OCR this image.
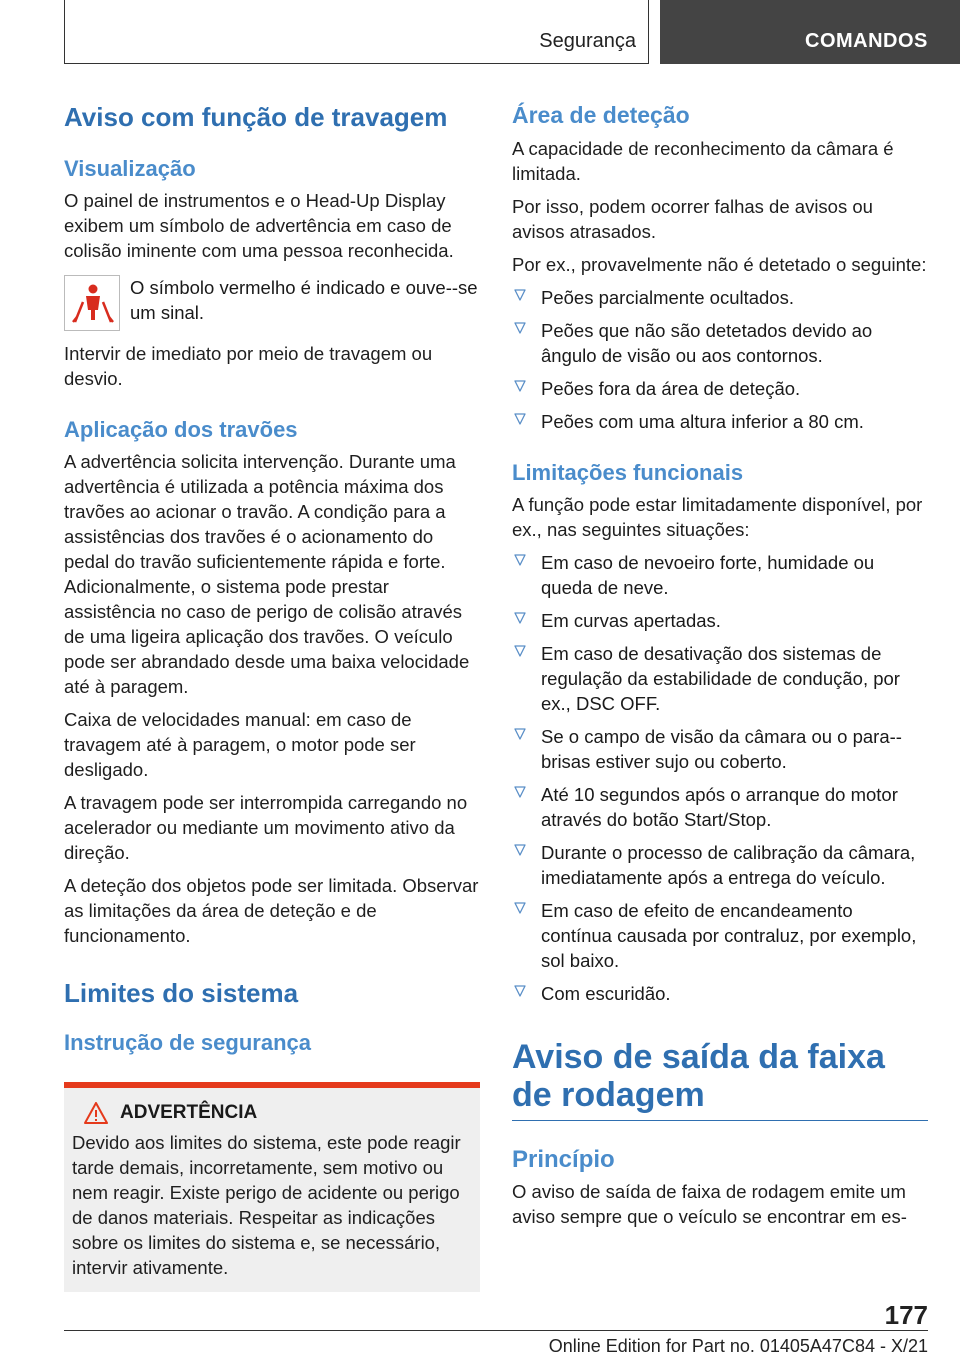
Segurança	COMANDOS
Aviso com função de travagem
Visualização

O painel de instrumentos e o Head-Up Display exibem um símbolo de advertência em caso de colisão iminente com uma pessoa reconhecida.

O símbolo vermelho é indicado e ouve--se um sinal.

Intervir de imediato por meio de travagem ou desvio.

Aplicação dos travões

A advertência solicita intervenção. Durante uma advertência é utilizada a potência máxima dos travões ao acionar o travão. A condição para a assistências dos travões é o acionamento do pedal do travão suficientemente rápida e forte. Adicionalmente, o sistema pode prestar assistência no caso de perigo de colisão através de uma ligeira aplicação dos travões. O veículo pode ser abrandado desde uma baixa velocidade até à paragem.

Caixa de velocidades manual: em caso de travagem até à paragem, o motor pode ser desligado.

A travagem pode ser interrompida carregando no acelerador ou mediante um movimento ativo da direção.

A deteção dos objetos pode ser limitada. Observar as limitações da área de deteção e de funcionamento.

Limites do sistema
Instrução de segurança
ADVERTÊNCIA

Devido aos limites do sistema, este pode reagir tarde demais, incorretamente, sem motivo ou nem reagir. Existe perigo de acidente ou perigo de danos materiais. Respeitar as indicações sobre os limites do sistema e, se necessário, intervir ativamente.

Área de deteção

A capacidade de reconhecimento da câmara é limitada.

Por isso, podem ocorrer falhas de avisos ou avisos atrasados.

Por ex., provavelmente não é detetado o seguinte:

Peões parcialmente ocultados.
Peões que não são detetados devido ao ângulo de visão ou aos contornos.
Peões fora da área de deteção.
Peões com uma altura inferior a 80 cm.
Limitações funcionais

A função pode estar limitadamente disponível, por ex., nas seguintes situações:

Em caso de nevoeiro forte, humidade ou queda de neve.
Em curvas apertadas.
Em caso de desativação dos sistemas de regulação da estabilidade de condução, por ex., DSC OFF.
Se o campo de visão da câmara ou o para--brisas estiver sujo ou coberto.
Até 10 segundos após o arranque do motor através do botão Start/Stop.
Durante o processo de calibração da câmara, imediatamente após a entrega do veículo.
Em caso de efeito de encandeamento contínua causada por contraluz, por exemplo, sol baixo.
Com escuridão.
Aviso de saída da faixa de rodagem
Princípio

O aviso de saída de faixa de rodagem emite um aviso sempre que o veículo se encontrar em es-

177
Online Edition for Part no. 01405A47C84 - X/21
